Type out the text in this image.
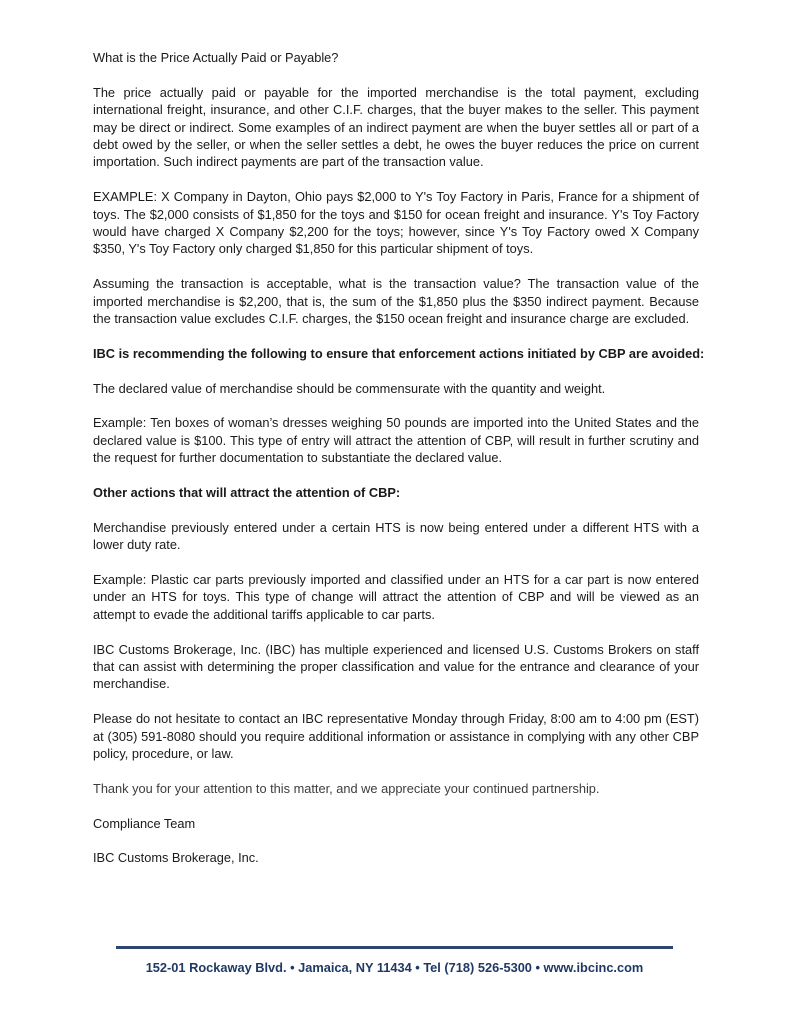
What is the Price Actually Paid or Payable?

The price actually paid or payable for the imported merchandise is the total payment, excluding international freight, insurance, and other C.I.F. charges, that the buyer makes to the seller. This payment may be direct or indirect. Some examples of an indirect payment are when the buyer settles all or part of a debt owed by the seller, or when the seller settles a debt, he owes the buyer reduces the price on current importation. Such indirect payments are part of the transaction value.

EXAMPLE: X Company in Dayton, Ohio pays $2,000 to Y's Toy Factory in Paris, France for a shipment of toys. The $2,000 consists of $1,850 for the toys and $150 for ocean freight and insurance. Y's Toy Factory would have charged X Company $2,200 for the toys; however, since Y's Toy Factory owed X Company $350, Y's Toy Factory only charged $1,850 for this particular shipment of toys.

Assuming the transaction is acceptable, what is the transaction value? The transaction value of the imported merchandise is $2,200, that is, the sum of the $1,850 plus the $350 indirect payment. Because the transaction value excludes C.I.F. charges, the $150 ocean freight and insurance charge are excluded.

IBC is recommending the following to ensure that enforcement actions initiated by CBP are avoided:

The declared value of merchandise should be commensurate with the quantity and weight.

Example: Ten boxes of woman’s dresses weighing 50 pounds are imported into the United States and the declared value is $100. This type of entry will attract the attention of CBP, will result in further scrutiny and the request for further documentation to substantiate the declared value.

Other actions that will attract the attention of CBP:

Merchandise previously entered under a certain HTS is now being entered under a different HTS with a lower duty rate.

Example: Plastic car parts previously imported and classified under an HTS for a car part is now entered under an HTS for toys. This type of change will attract the attention of CBP and will be viewed as an attempt to evade the additional tariffs applicable to car parts.

IBC Customs Brokerage, Inc. (IBC) has multiple experienced and licensed U.S. Customs Brokers on staff that can assist with determining the proper classification and value for the entrance and clearance of your merchandise.

Please do not hesitate to contact an IBC representative Monday through Friday, 8:00 am to 4:00 pm (EST) at (305) 591-8080 should you require additional information or assistance in complying with any other CBP policy, procedure, or law.

Thank you for your attention to this matter, and we appreciate your continued partnership.

Compliance Team

IBC Customs Brokerage, Inc.

152-01 Rockaway Blvd. • Jamaica, NY 11434 • Tel (718) 526-5300 • www.ibcinc.com
